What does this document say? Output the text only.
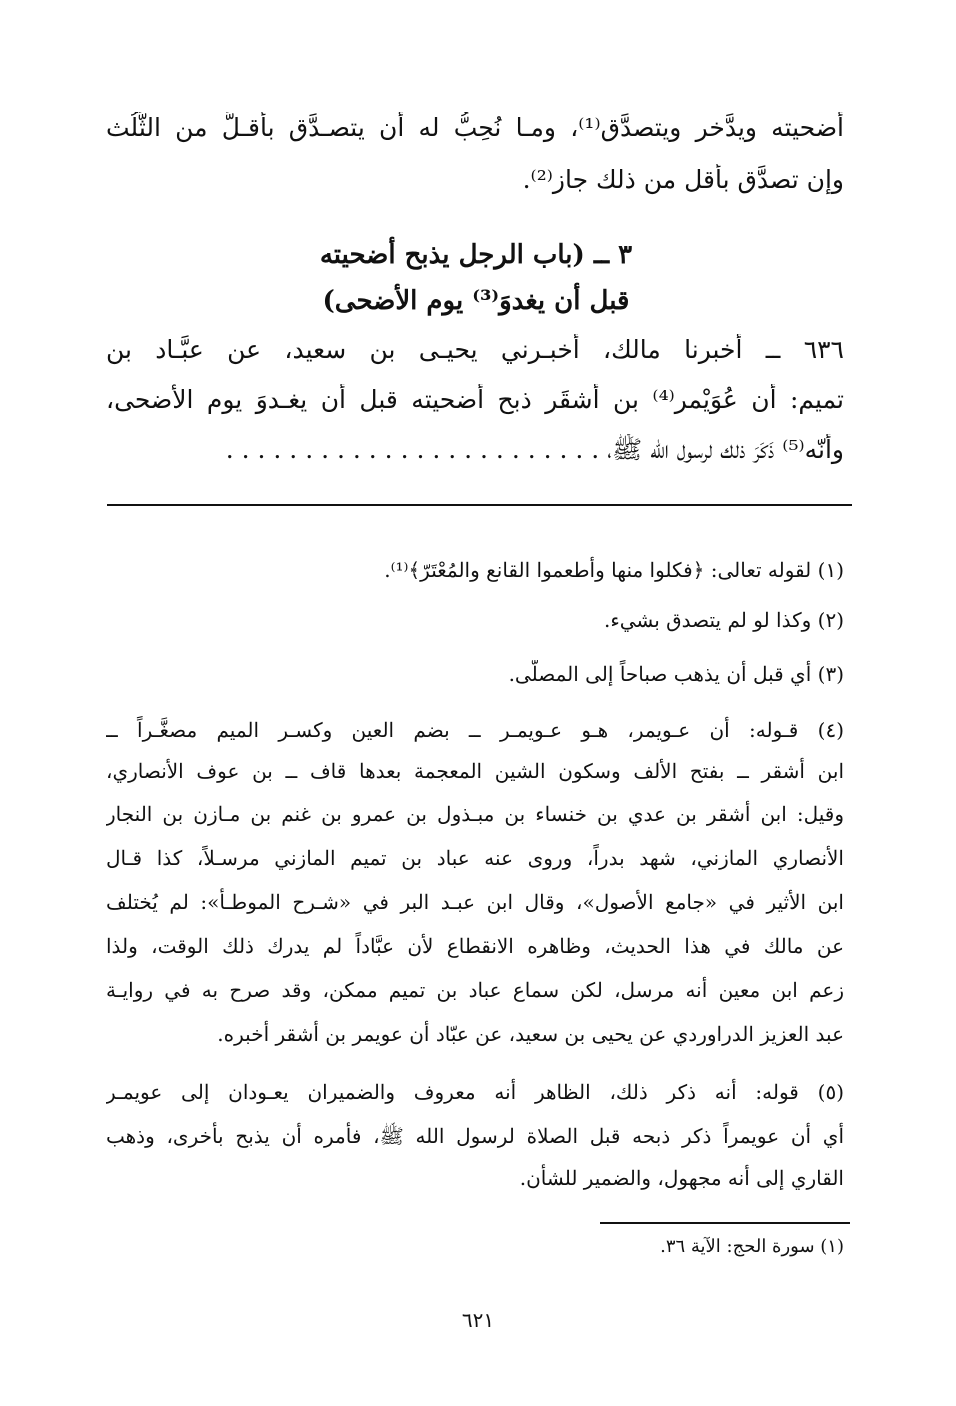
أضحيته ويدَّخر ويتصدَّق⁽¹⁾، ومـا نُحِبُّ له أن يتصـدَّق بأقـلَّ من الثُّلُث
وإن تصدَّق بأقل من ذلك جاز⁽²⁾.
٣ ــ (باب الرجل يذبح أضحيته
قبل أن يغدوَ⁽³⁾ يوم الأضحى)
٦٣٦ ــ أخبرنا مالك، أخبـرني يحيـى بن سعيد، عن عبَّـاد بن
تميم: أن عُوَيْمر⁽⁴⁾ بن أَشقَر ذبح أضحيته قبل أن يغـدوَ يوم الأضحى،
وأنّه⁽⁵⁾ ذَكَرَ ذلك لرسول الله ﷺ، . . . . . . . . . . . . . . . . . . . . . . . .
(١) لقوله تعالى: ﴿فكلوا منها وأطعموا القانع والمُعْتَرّ﴾⁽¹⁾.
(٢) وكذا لو لم يتصدق بشيء.
(٣) أي قبل أن يذهب صباحاً إلى المصلّى.
(٤) قـوله: أن عـويمر، هـو عـويمـر ــ بضم العين وكسـر الميم مصغَّـراً ــ
ابن أشقر ــ بفتح الألف وسكون الشين المعجمة بعدها قاف ــ بن عوف الأنصاري،
وقيل: ابن أشقر بن عدي بن خنساء بن مبـذول بن عمرو بن غنم بن مـازن بن النجار
الأنصاري المازني، شهد بدراً، وروى عنه عباد بن تميم المازني مرسـلاً، كذا قـال
ابن الأثير في «جامع الأصول»، وقال ابن عبـد البر في «شـرح الموطـأ»: لم يُختلف
عن مالك في هذا الحديث، وظاهره الانقطاع لأن عبَّاداً لم يدرك ذلك الوقت، ولذا
زعم ابن معين أنه مرسل، لكن سماع عباد بن تميم ممكن، وقد صرح به في روايـة
عبد العزيز الدراوردي عن يحيى بن سعيد، عن عبّاد أن عويمر بن أشقر أخبره.
(٥) قوله: أنه ذكر ذلك، الظاهر أنه معروف والضميران يعـودان إلى عويمـر
أي أن عويمراً ذكر ذبحه قبل الصلاة لرسول الله ﷺ، فأمره أن يذبح بأخرى، وذهب
القاري إلى أنه مجهول، والضمير للشأن.
(١) سورة الحج: الآية ٣٦.
٦٢١
